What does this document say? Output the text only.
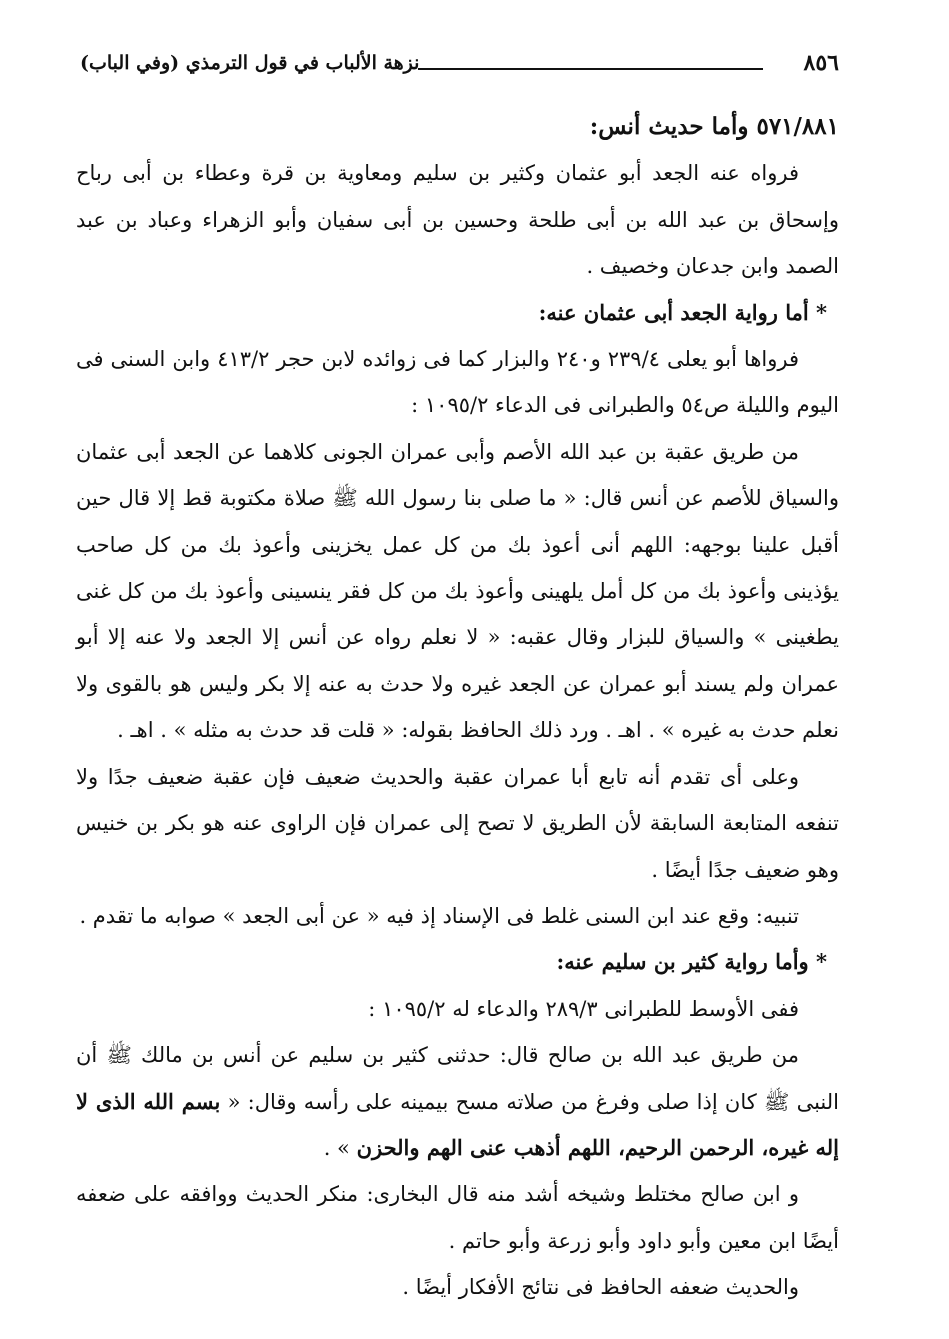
نزهة الألباب في قول الترمذي (وفي الباب)	٨٥٦

٥٧١/٨٨١ وأما حديث أنس:

فرواه عنه الجعد أبو عثمان وكثير بن سليم ومعاوية بن قرة وعطاء بن أبى رباح وإسحاق بن عبد الله بن أبى طلحة وحسين بن أبى سفيان وأبو الزهراء وعباد بن عبد الصمد وابن جدعان وخصيف .

* أما رواية الجعد أبى عثمان عنه:

فرواها أبو يعلى ٢٣٩/٤ و٢٤٠ والبزار كما فى زوائده لابن حجر ٤١٣/٢ وابن السنى فى اليوم والليلة ص٥٤ والطبرانى فى الدعاء ١٠٩٥/٢ :

من طريق عقبة بن عبد الله الأصم وأبى عمران الجونى كلاهما عن الجعد أبى عثمان والسياق للأصم عن أنس قال: « ما صلى بنا رسول الله ﷺ صلاة مكتوبة قط إلا قال حين أقبل علينا بوجهه: اللهم أنى أعوذ بك من كل عمل يخزينى وأعوذ بك من كل صاحب يؤذينى وأعوذ بك من كل أمل يلهينى وأعوذ بك من كل فقر ينسينى وأعوذ بك من كل غنى يطغينى » والسياق للبزار وقال عقبه: « لا نعلم رواه عن أنس إلا الجعد ولا عنه إلا أبو عمران ولم يسند أبو عمران عن الجعد غيره ولا حدث به عنه إلا بكر وليس هو بالقوى ولا نعلم حدث به غيره » . اهـ . ورد ذلك الحافظ بقوله: « قلت قد حدث به مثله » . اهـ .

وعلى أى تقدم أنه تابع أبا عمران عقبة والحديث ضعيف فإن عقبة ضعيف جدًا ولا تنفعه المتابعة السابقة لأن الطريق لا تصح إلى عمران فإن الراوى عنه هو بكر بن خنيس وهو ضعيف جدًا أيضًا .

تنبيه: وقع عند ابن السنى غلط فى الإسناد إذ فيه « عن أبى الجعد » صوابه ما تقدم .

* وأما رواية كثير بن سليم عنه:

ففى الأوسط للطبرانى ٢٨٩/٣ والدعاء له ١٠٩٥/٢ :

من طريق عبد الله بن صالح قال: حدثنى كثير بن سليم عن أنس بن مالك ﷺ أن النبى ﷺ كان إذا صلى وفرغ من صلاته مسح بيمينه على رأسه وقال: « بسم الله الذى لا إله غيره، الرحمن الرحيم، اللهم أذهب عنى الهم والحزن » .

و ابن صالح مختلط وشيخه أشد منه قال البخارى: منكر الحديث ووافقه على ضعفه أيضًا ابن معين وأبو داود وأبو زرعة وأبو حاتم .

والحديث ضعفه الحافظ فى نتائج الأفكار أيضًا .
